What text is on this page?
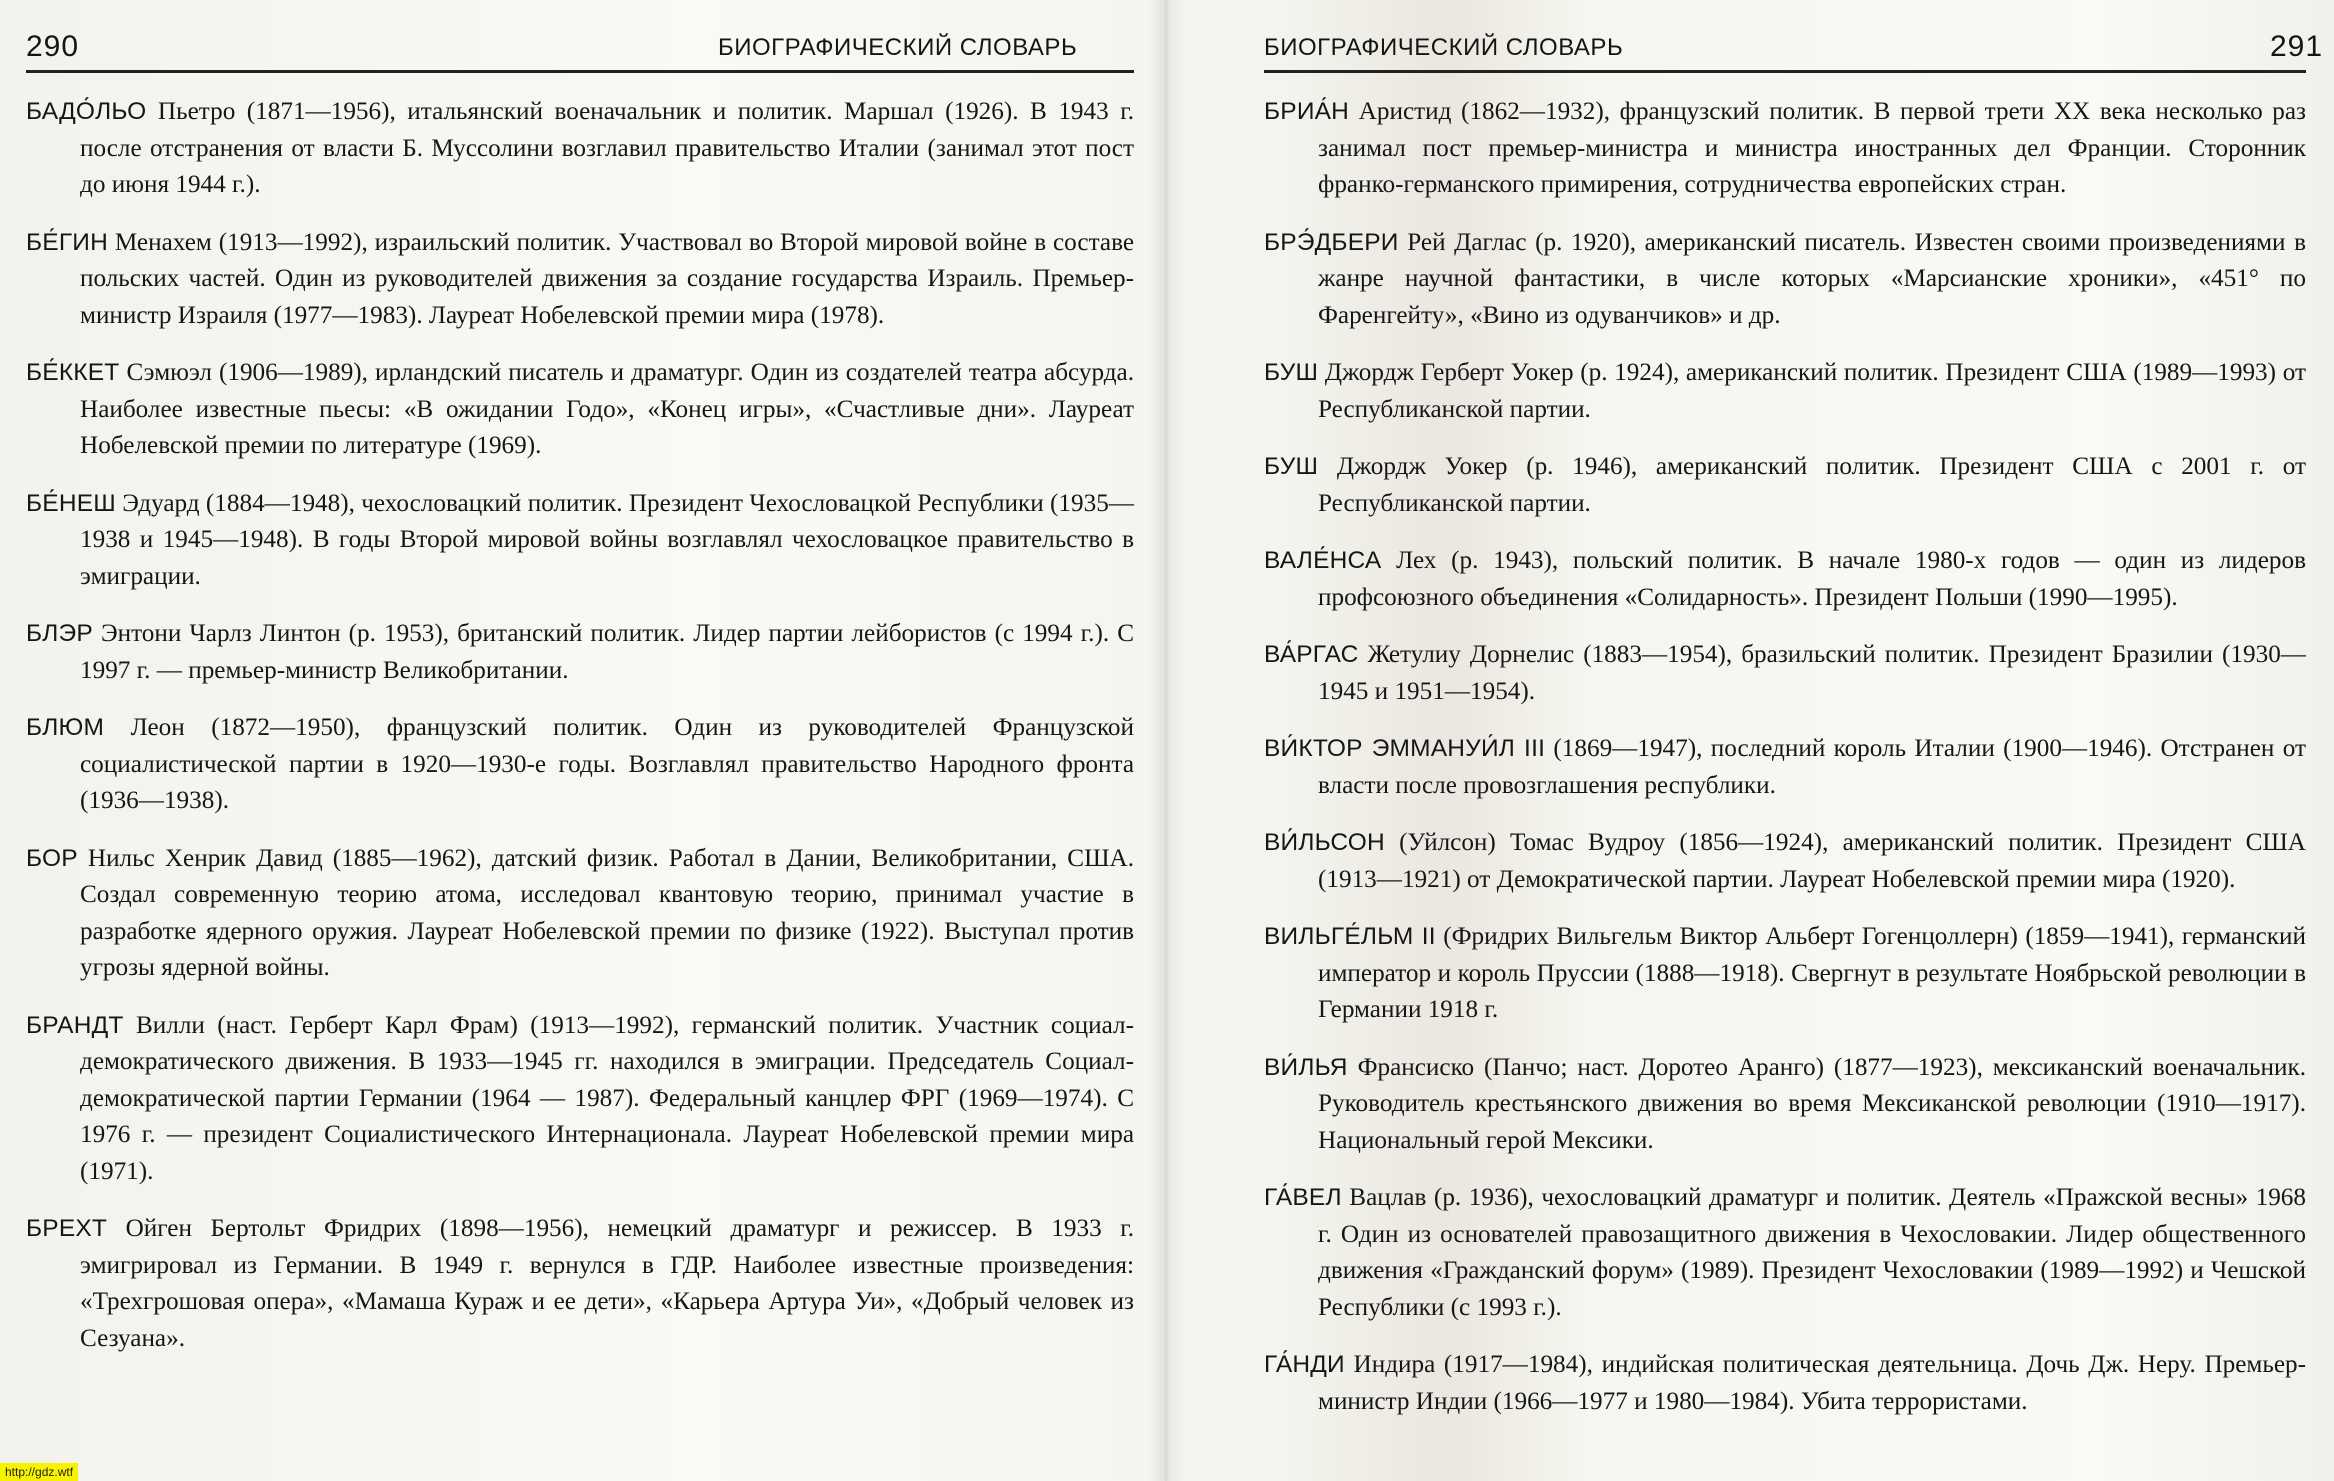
290	БИОГРАФИЧЕСКИЙ СЛОВАРЬ

БАДО́ЛЬО Пьетро (1871—1956), итальянский военачальник и политик. Маршал (1926). В 1943 г. после отстранения от власти Б. Муссолини возглавил правительство Италии (занимал этот пост до июня 1944 г.).

БЕ́ГИН Менахем (1913—1992), израильский политик. Участвовал во Второй мировой войне в составе польских частей. Один из руководителей движения за создание государства Израиль. Премьер-министр Израиля (1977—1983). Лауреат Нобелевской премии мира (1978).

БЕ́ККЕТ Сэмюэл (1906—1989), ирландский писатель и драматург. Один из создателей театра абсурда. Наиболее известные пьесы: «В ожидании Годо», «Конец игры», «Счастливые дни». Лауреат Нобелевской премии по литературе (1969).

БЕ́НЕШ Эдуард (1884—1948), чехословацкий политик. Президент Чехословацкой Республики (1935—1938 и 1945—1948). В годы Второй мировой войны возглавлял чехословацкое правительство в эмиграции.

БЛЭР Энтони Чарлз Линтон (р. 1953), британский политик. Лидер партии лейбористов (с 1994 г.). С 1997 г. — премьер-министр Великобритании.

БЛЮМ Леон (1872—1950), французский политик. Один из руководителей Французской социалистической партии в 1920—1930-е годы. Возглавлял правительство Народного фронта (1936—1938).

БОР Нильс Хенрик Давид (1885—1962), датский физик. Работал в Дании, Великобритании, США. Создал современную теорию атома, исследовал квантовую теорию, принимал участие в разработке ядерного оружия. Лауреат Нобелевской премии по физике (1922). Выступал против угрозы ядерной войны.

БРАНДТ Вилли (наст. Герберт Карл Фрам) (1913—1992), германский политик. Участник социал-демократического движения. В 1933—1945 гг. находился в эмиграции. Председатель Социал-демократической партии Германии (1964 — 1987). Федеральный канцлер ФРГ (1969—1974). С 1976 г. — президент Социалистического Интернационала. Лауреат Нобелевской премии мира (1971).

БРЕХТ Ойген Бертольт Фридрих (1898—1956), немецкий драматург и режиссер. В 1933 г. эмигрировал из Германии. В 1949 г. вернулся в ГДР. Наиболее известные произведения: «Трехгрошовая опера», «Мамаша Кураж и ее дети», «Карьера Артура Уи», «Добрый человек из Сезуана».

БИОГРАФИЧЕСКИЙ СЛОВАРЬ	291

БРИА́Н Аристид (1862—1932), французский политик. В первой трети XX века несколько раз занимал пост премьер-министра и министра иностранных дел Франции. Сторонник франко-германского примирения, сотрудничества европейских стран.

БРЭ́ДБЕРИ Рей Даглас (р. 1920), американский писатель. Известен своими произведениями в жанре научной фантастики, в числе которых «Марсианские хроники», «451° по Фаренгейту», «Вино из одуванчиков» и др.

БУШ Джордж Герберт Уокер (р. 1924), американский политик. Президент США (1989—1993) от Республиканской партии.

БУШ Джордж Уокер (р. 1946), американский политик. Президент США с 2001 г. от Республиканской партии.

ВАЛЕ́НСА Лех (р. 1943), польский политик. В начале 1980-х годов — один из лидеров профсоюзного объединения «Солидарность». Президент Польши (1990—1995).

ВА́РГАС Жетулиу Дорнелис (1883—1954), бразильский политик. Президент Бразилии (1930—1945 и 1951—1954).

ВИ́КТОР ЭММАНУИ́Л III (1869—1947), последний король Италии (1900—1946). Отстранен от власти после провозглашения республики.

ВИ́ЛЬСОН (Уйлсон) Томас Вудроу (1856—1924), американский политик. Президент США (1913—1921) от Демократической партии. Лауреат Нобелевской премии мира (1920).

ВИЛЬГЕ́ЛЬМ II (Фридрих Вильгельм Виктор Альберт Гогенцоллерн) (1859—1941), германский император и король Пруссии (1888—1918). Свергнут в результате Ноябрьской революции в Германии 1918 г.

ВИ́ЛЬЯ Франсиско (Панчо; наст. Доротео Аранго) (1877—1923), мексиканский военачальник. Руководитель крестьянского движения во время Мексиканской революции (1910—1917). Национальный герой Мексики.

ГА́ВЕЛ Вацлав (р. 1936), чехословацкий драматург и политик. Деятель «Пражской весны» 1968 г. Один из основателей правозащитного движения в Чехословакии. Лидер общественного движения «Гражданский форум» (1989). Президент Чехословакии (1989—1992) и Чешской Республики (с 1993 г.).

ГА́НДИ Индира (1917—1984), индийская политическая деятельница. Дочь Дж. Неру. Премьер-министр Индии (1966—1977 и 1980—1984). Убита террористами.

http://gdz.wtf
